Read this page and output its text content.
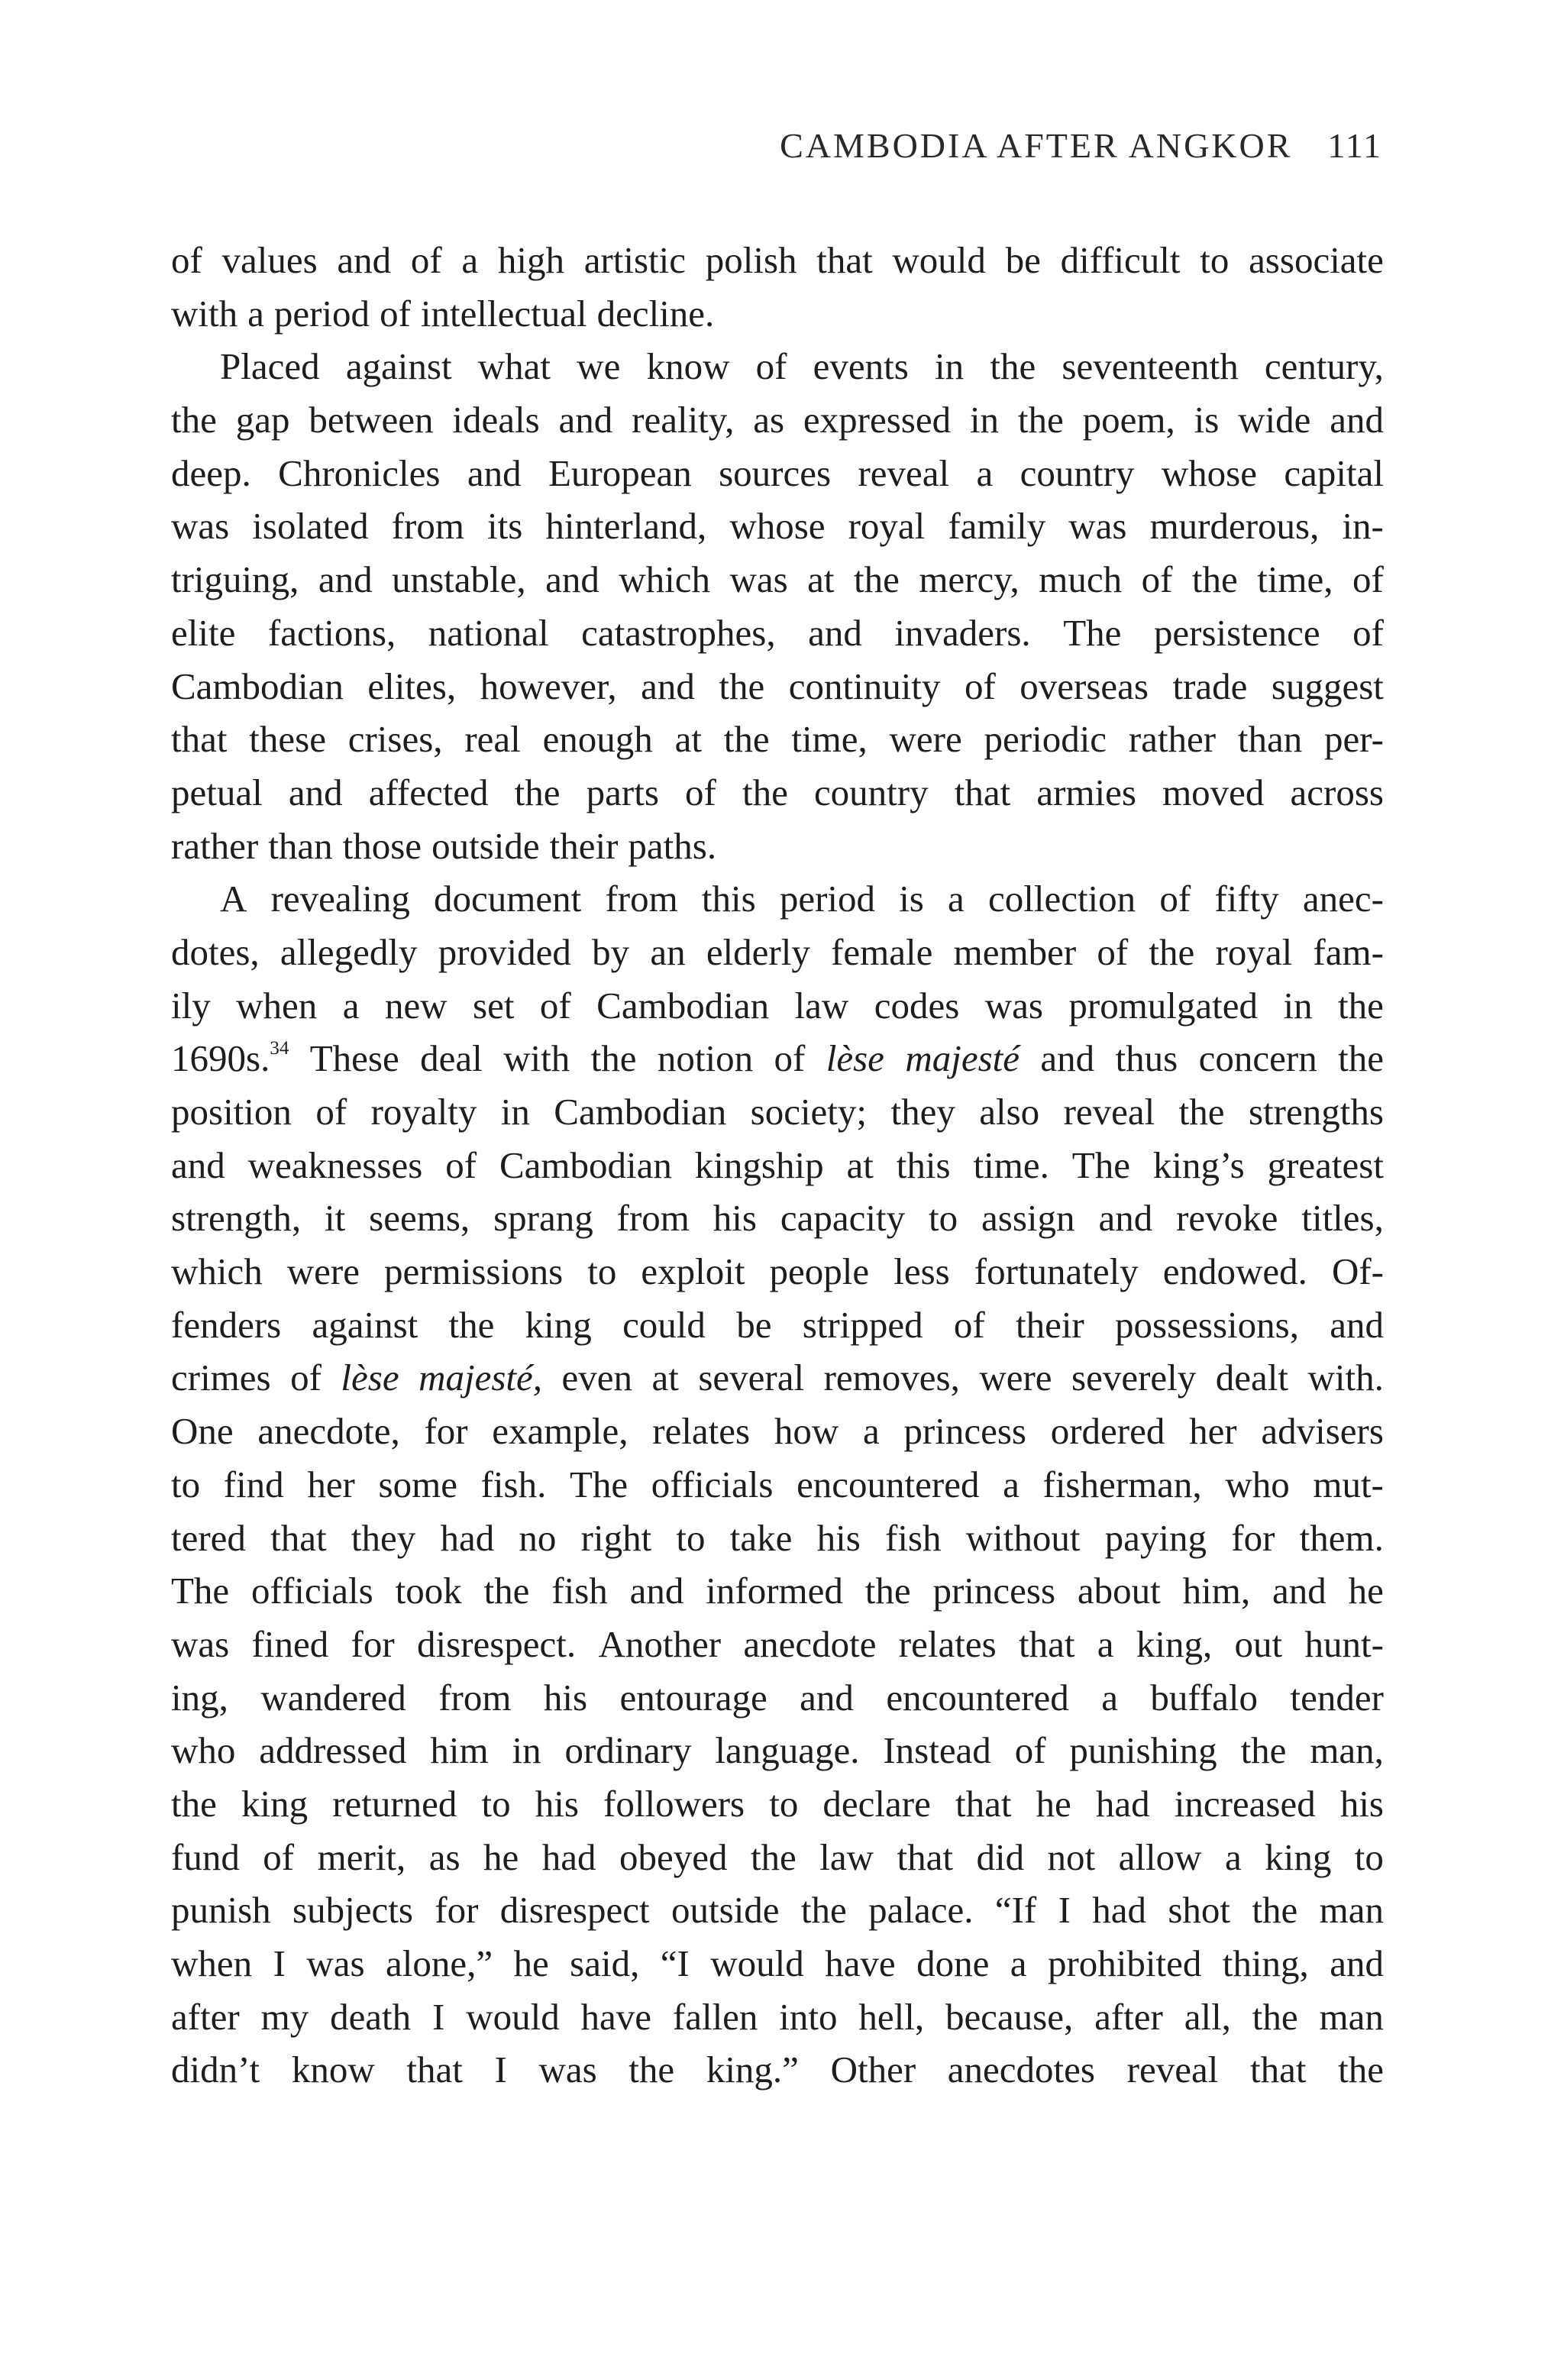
CAMBODIA AFTER ANGKOR 111
of values and of a high artistic polish that would be difficult to associate
with a period of intellectual decline.
Placed against what we know of events in the seventeenth century,
the gap between ideals and reality, as expressed in the poem, is wide and
deep. Chronicles and European sources reveal a country whose capital
was isolated from its hinterland, whose royal family was murderous, in-
triguing, and unstable, and which was at the mercy, much of the time, of
elite factions, national catastrophes, and invaders. The persistence of
Cambodian elites, however, and the continuity of overseas trade suggest
that these crises, real enough at the time, were periodic rather than per-
petual and affected the parts of the country that armies moved across
rather than those outside their paths.
A revealing document from this period is a collection of fifty anec-
dotes, allegedly provided by an elderly female member of the royal fam-
ily when a new set of Cambodian law codes was promulgated in the
1690s.$^{34}$ These deal with the notion of lèse majesté and thus concern the
position of royalty in Cambodian society; they also reveal the strengths
and weaknesses of Cambodian kingship at this time. The king’s greatest
strength, it seems, sprang from his capacity to assign and revoke titles,
which were permissions to exploit people less fortunately endowed. Of-
fenders against the king could be stripped of their possessions, and
crimes of lèse majesté, even at several removes, were severely dealt with.
One anecdote, for example, relates how a princess ordered her advisers
to find her some fish. The officials encountered a fisherman, who mut-
tered that they had no right to take his fish without paying for them.
The officials took the fish and informed the princess about him, and he
was fined for disrespect. Another anecdote relates that a king, out hunt-
ing, wandered from his entourage and encountered a buffalo tender
who addressed him in ordinary language. Instead of punishing the man,
the king returned to his followers to declare that he had increased his
fund of merit, as he had obeyed the law that did not allow a king to
punish subjects for disrespect outside the palace. “If I had shot the man
when I was alone,” he said, “I would have done a prohibited thing, and
after my death I would have fallen into hell, because, after all, the man
didn’t know that I was the king.” Other anecdotes reveal that the
